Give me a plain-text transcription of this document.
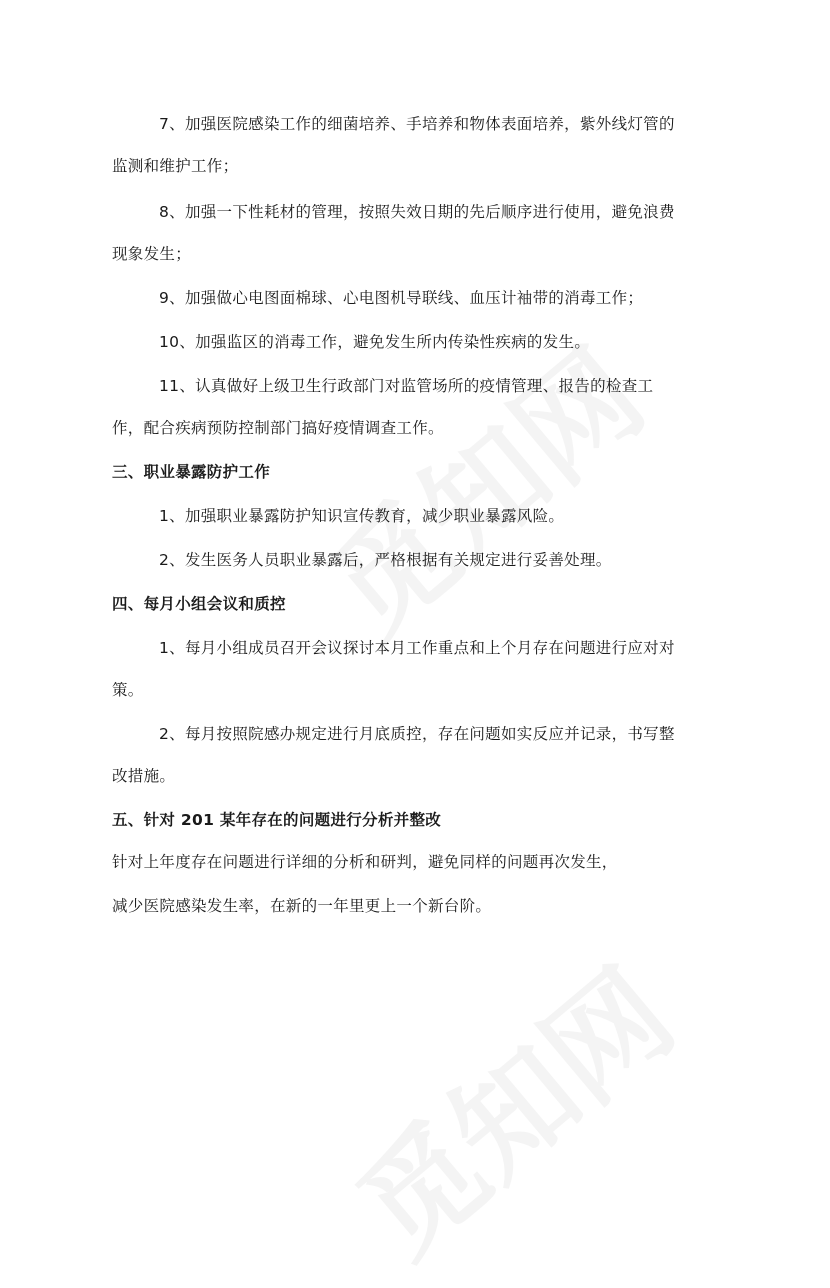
7、加强医院感染工作的细菌培养、手培养和物体表面培养，紫外线灯管的
监测和维护工作；
8、加强一下性耗材的管理，按照失效日期的先后顺序进行使用，避免浪费
现象发生；
9、加强做心电图面棉球、心电图机导联线、血压计袖带的消毒工作；
10、加强监区的消毒工作，避免发生所内传染性疾病的发生。
11、认真做好上级卫生行政部门对监管场所的疫情管理、报告的检查工
作，配合疾病预防控制部门搞好疫情调查工作。
三、职业暴露防护工作
1、加强职业暴露防护知识宣传教育，减少职业暴露风险。
2、发生医务人员职业暴露后，严格根据有关规定进行妥善处理。
四、每月小组会议和质控
1、每月小组成员召开会议探讨本月工作重点和上个月存在问题进行应对对
策。
2、每月按照院感办规定进行月底质控，存在问题如实反应并记录，书写整
改措施。
五、针对 201 某年存在的问题进行分析并整改
针对上年度存在问题进行详细的分析和研判，避免同样的问题再次发生，
减少医院感染发生率，在新的一年里更上一个新台阶。
